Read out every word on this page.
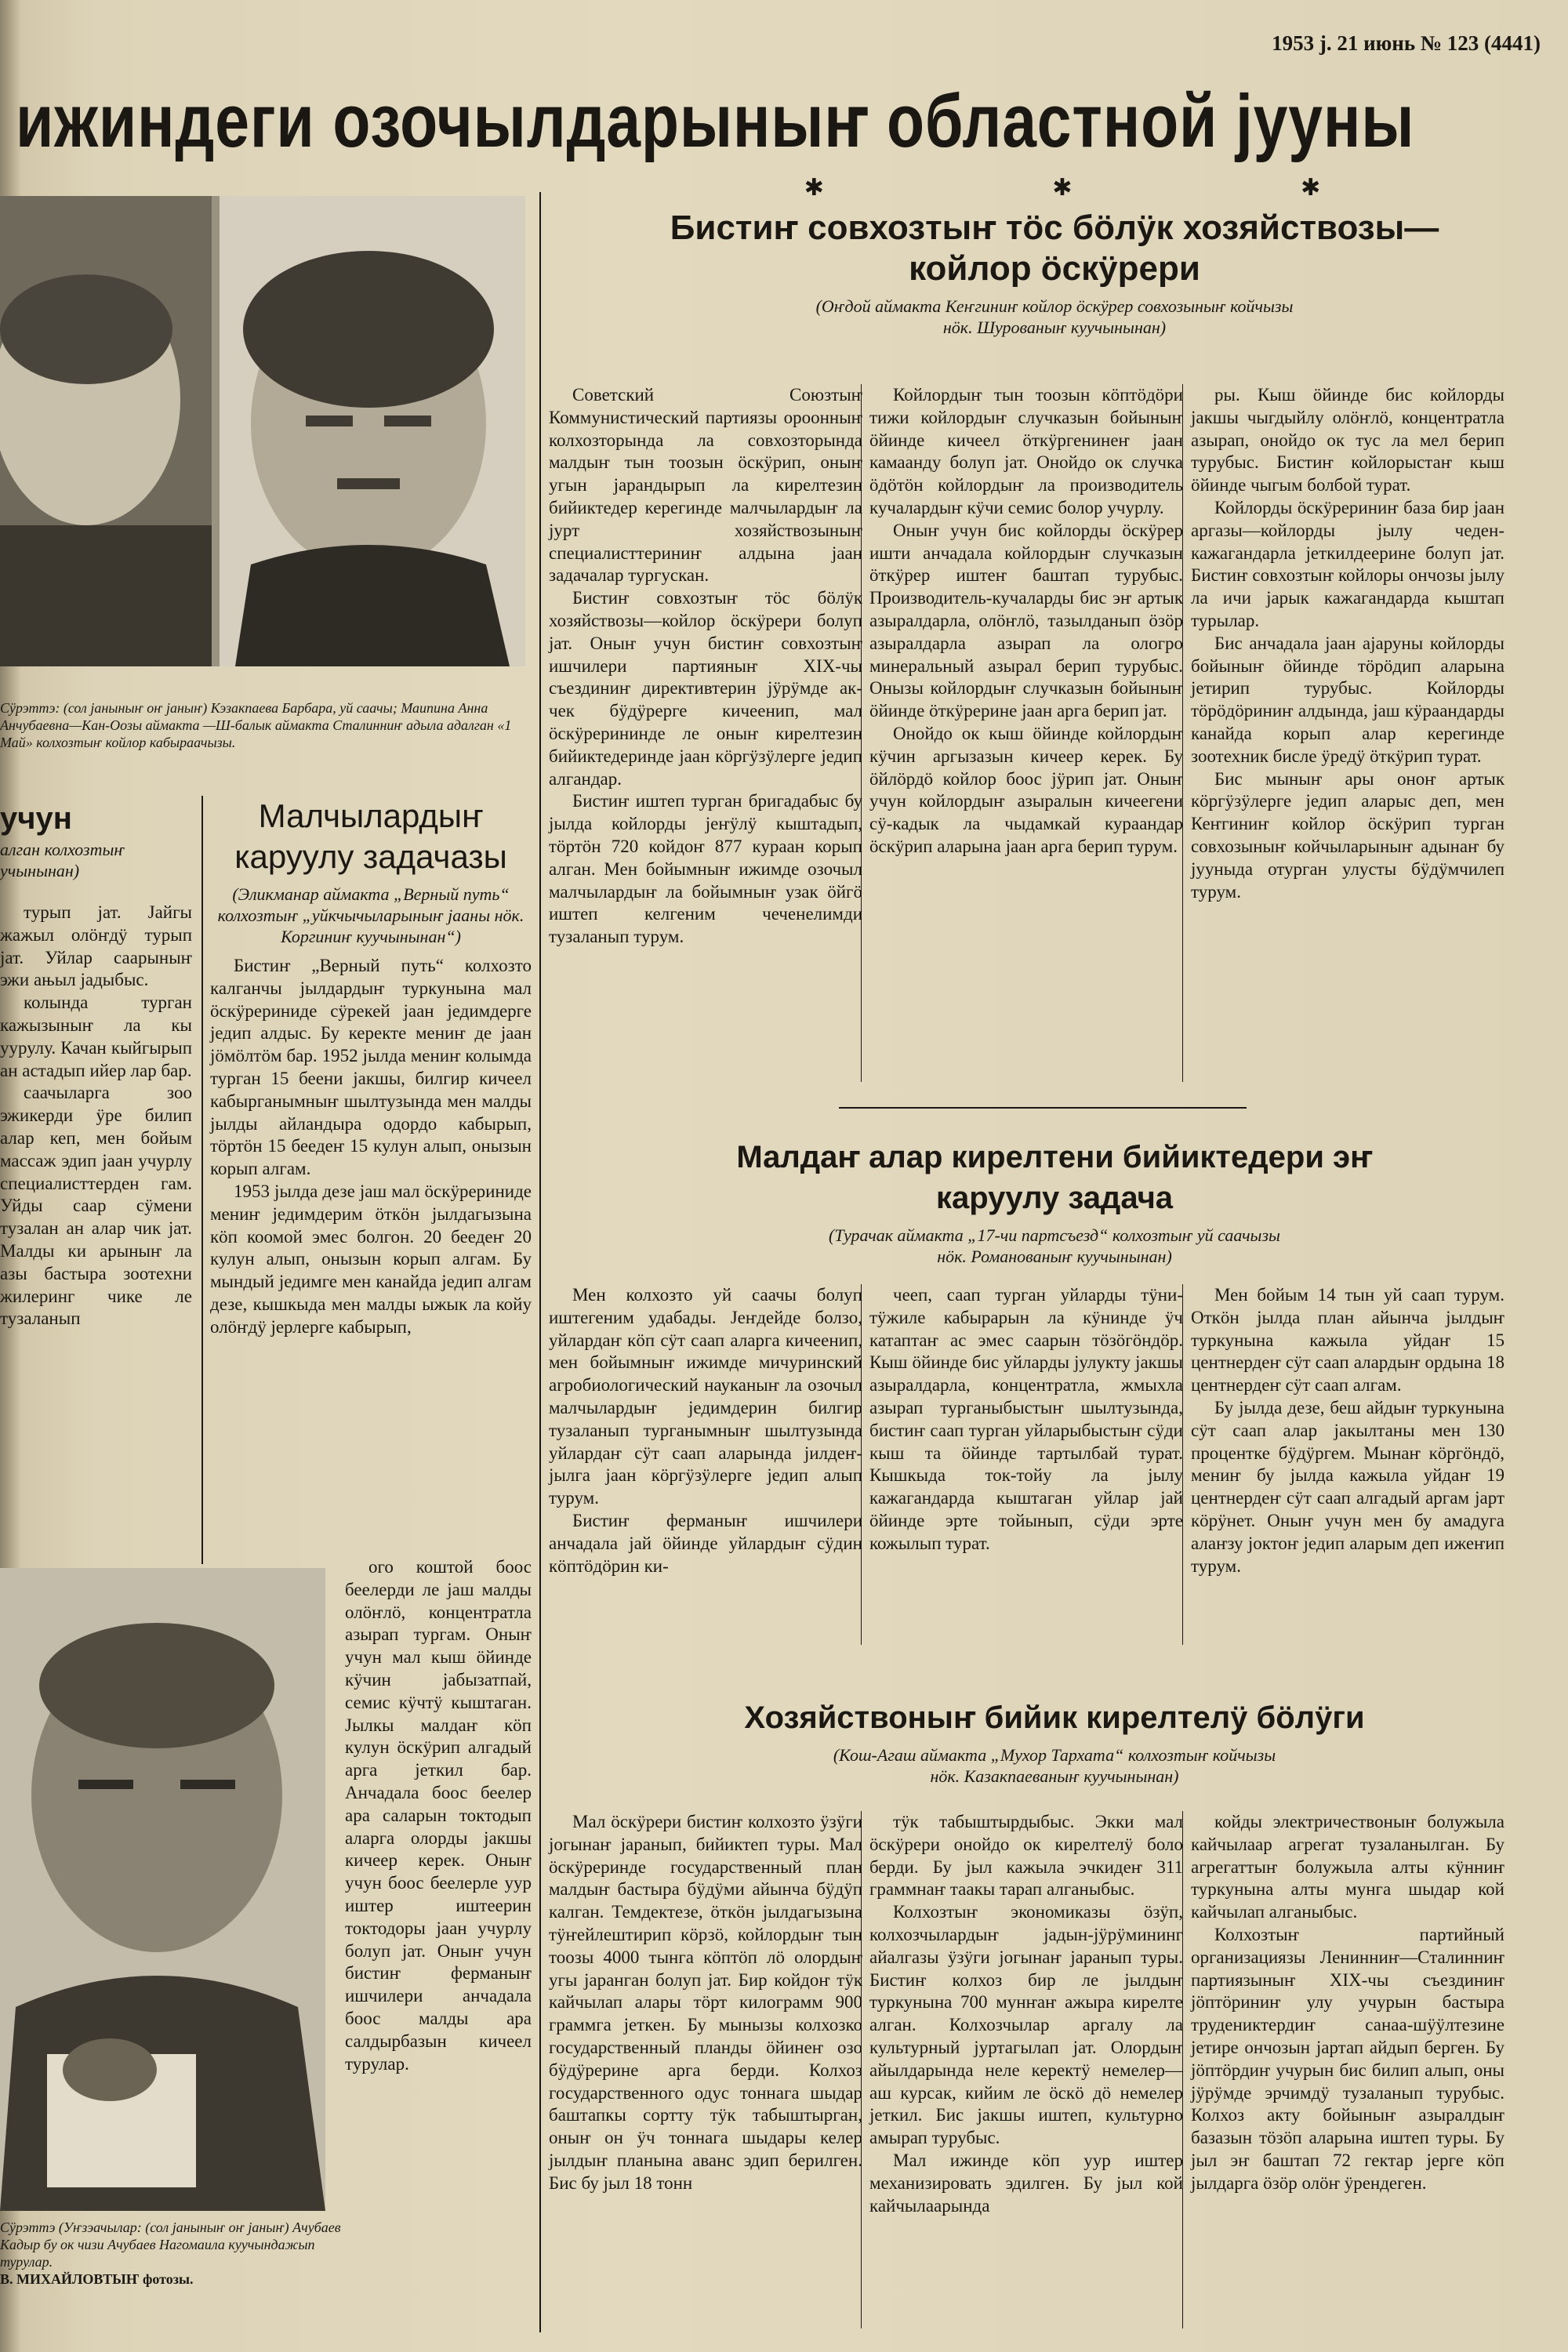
1953 ј. 21 июнь № 123 (4441)
ижиндеги озочылдарыныҥ областной јууны
✱	✱	✱
Сӱрэттэ: (сол јаныныҥ оҥ јаныҥ) Кэзакпаева Барбара, уй саачы; Маипина Анна Анчубаевна—Кан-Оозы аймакта —Ш-балык аймакта Сталинниҥ адыла адалган «1 Май» колхозтыҥ койлор кабыраачызы.
учун
алган колхозтыҥ учынынан)

турып јат. Јайгы жажыл олӧҥдӱ турып јат. Уйлар саарыныҥ эжи ањыл јадыбыс.

колында турган кажызыныҥ ла кы уурулу. Качан кыйгырып ан астадып ийер лар бар.

саачыларга зоо эжикерди ӱре билип алар кеп, мен бойым массаж эдип јаан учурлу специалисттерден гам. Уйды саар сӱмени тузалан ан алар чик јат. Малды ки арыныҥ ла азы бастыра зоотехни жилеринг чике ле тузаланып

Сӱрэттэ (Уҥзэачылар: (сол јаныныҥ оҥ јаныҥ) Ачубаев Кадыр бу ок чизи Ачубаев Нагомаила куучындажып турулар.
В. МИХАЙЛОВТЫҤ фотозы.
Малчылардыҥ каруулу задачазы
(Эликманар аймакта „Верный путь“ колхозтыҥ „уйкчычыларыныҥ јааны нӧк. Коргиниҥ куучынынан“)

Бистиҥ „Верный путь“ колхозто калганчы јылдардыҥ туркунына мал ӧскӱрериниде сӱрекей јаан једимдерге једип алдыс. Бу керекте мениҥ де јаан јӧмӧлтӧм бар. 1952 јылда мениҥ колымда турган 15 беени јакшы, билгир кичеел кабырганымныҥ шылтузында мен малды јылды айландыра одордо кабырып, тӧртӧн 15 беедеҥ 15 кулун алып, онызын корып алгам.

1953 јылда дезе јаш мал ӧскӱрериниде мениҥ једимдерим ӧткӧн јылдагызына кӧп коомой эмес болгон. 20 беедеҥ 20 кулун алып, онызын корып алгам. Бу мындый једимге мен канайда једип алгам дезе, кышкыда мен малды ыжык ла койу олӧҥдӱ јерлерге кабырып,

ого коштой боос беелерди ле јаш малды олӧҥлӧ, концентратла азырап тургам. Оныҥ учун мал кыш ӧйинде кӱчин јабызатпай, семис кӱчтӱ кыштаган. Јылкы малдаҥ кӧп кулун ӧскӱрип алгадый арга јеткил бар. Анчадала боос беелер ара саларын токтодып аларга олорды јакшы кичеер керек. Оныҥ учун боос беелерле уур иштер иштеерин токтодоры јаан учурлу болуп јат. Оныҥ учун бистиҥ ферманыҥ ишчилери анчадала боос малды ара салдырбазын кичеел турулар.

Бистиҥ совхозтыҥ тӧс бӧлӱк хозяйствозы—
койлор ӧскӱрери
(Оҥдой аймакта Кеҥгиниҥ койлор ӧскӱрер совхозыныҥ койчызы
нӧк. Шурованыҥ куучынынан)

Советский Союзтыҥ Коммунистический партиязы ороонныҥ колхозторында ла совхозторында малдыҥ тын тоозын ӧскӱрип, оныҥ угын јарандырып ла кирелтезин бийиктедер керегинде малчылардыҥ ла јурт хозяйствозыныҥ специалисттериниҥ алдына јаан задачалар тургускан.

Бистиҥ совхозтыҥ тӧс бӧлӱк хозяйствозы—койлор ӧскӱрери болуп јат. Оныҥ учун бистиҥ совхозтыҥ ишчилери партияныҥ XIX-чы съездиниҥ директивтерин јӱрӱмде ак-чек бӱдӱрерге кичеенип, мал ӧскӱрерининде ле оныҥ кирелтезин бийиктедеринде јаан кӧргӱзӱлерге једип алгандар.

Бистиҥ иштеп турган бригадабыс бу јылда койлорды јеҥӱлӱ кыштадып, тӧртӧн 720 койдоҥ 877 кураан корып алган. Мен бойымныҥ ижимде озочыл малчылардыҥ ла бойымныҥ узак ӧйгӧ иштеп келгеним чеченелимди тузаланып турум.

Койлордыҥ тын тоозын кӧптӧдӧри тижи койлордыҥ случказын бойыныҥ ӧйинде кичеел ӧткӱргенинеҥ јаан камаанду болуп јат. Онойдо ок случка ӧдӧтӧн койлордыҥ ла производитель кучалардыҥ кӱчи семис болор учурлу.

Оныҥ учун бис койлорды ӧскӱрер ишти анчадала койлордыҥ случказын ӧткӱрер иштеҥ баштап турубыс. Производитель-кучаларды бис эҥ артык азыралдарла, олӧҥлӧ, тазылданып ӧзӧр азыралдарла азырап ла ологро минеральный азырал берип турубыс. Онызы койлордыҥ случказын бойыныҥ ӧйинде ӧткӱрерине јаан арга берип јат.

Онойдо ок кыш ӧйинде койлордыҥ кӱчин аргызазын кичеер керек. Бу ӧйлӧрдӧ койлор боос јӱрип јат. Оныҥ учун койлордыҥ азыралын кичеегени сӱ-кадык ла чыдамкай кураандар ӧскӱрип аларына јаан арга берип турум.

ры. Кыш ӧйинде бис койлорды јакшы чыгдыйлу олӧҥлӧ, концентратла азырап, онойдо ок тус ла мел берип турубыс. Бистиҥ койлорыстаҥ кыш ӧйинде чыгым болбой турат.

Койлорды ӧскӱрериниҥ база бир јаан аргазы—койлорды јылу чеден-кажагандарла јеткилдеерине болуп јат. Бистиҥ совхозтыҥ койлоры ончозы јылу ла ичи јарык кажагандарда кыштап турылар.

Бис анчадала јаан ајаруны койлорды бойыныҥ ӧйинде тӧрӧдип аларына јетирип турубыс. Койлорды тӧрӧдӧриниҥ алдында, јаш кӱраандарды канайда корып алар керегинде зоотехник бисле ӱредӱ ӧткӱрип турат.

Бис мыныҥ ары оноҥ артык кӧргӱзӱлерге једип аларыс деп, мен Кеҥгиниҥ койлор ӧскӱрип турган совхозыныҥ койчыларыныҥ адынаҥ бу јууныда отурган улусты бӱдӱмчилеп турум.

Малдаҥ алар кирелтени бийиктедери эҥ
каруулу задача
(Турачак аймакта „17-чи партсъезд“ колхозтыҥ уй саачызы
нӧк. Романованыҥ куучынынан)

Мен колхозто уй саачы болуп иштегеним удабады. Јеҥдейде болзо, уйлардаҥ кӧп сӱт саап аларга кичеенип, мен бойымныҥ ижимде мичуринский агробиологический науканыҥ ла озочыл малчылардыҥ једимдерин билгир тузаланып турганымныҥ шылтузында уйлардаҥ сӱт саап аларында јилдеҥ-јылга јаан кӧргӱзӱлерге једип алып турум.

Бистиҥ ферманыҥ ишчилери анчадала јай ӧйинде уйлардыҥ сӱдин кӧптӧдӧрин ки-

чееп, саап турган уйларды тӱни-тӱжиле кабырарын ла кӱнинде ӱч катаптаҥ ас эмес саарын тӧзӧгӧндӧр. Кыш ӧйинде бис уйларды јулукту јакшы азыралдарла, концентратла, жмыхла азырап турганыбыстыҥ шылтузында, бистиҥ саап турган уйларыбыстыҥ сӱди кыш та ӧйинде тартылбай турат. Кышкыда ток-тойу ла јылу кажагандарда кыштаган уйлар јай ӧйинде эрте тойынып, сӱди эрте кожылып турат.

Мен бойым 14 тын уй саап турум. Откӧн јылда план айынча јылдыҥ туркунына кажыла уйдаҥ 15 центнердеҥ сӱт саап алардыҥ ордына 18 центнердеҥ сӱт саап алгам.

Бу јылда дезе, беш айдыҥ туркунына сӱт саап алар јакылтаны мен 130 процентке бӱдӱргем. Мынаҥ кӧргӧндӧ, мениҥ бу јылда кажыла уйдаҥ 19 центнердеҥ сӱт саап алгадый аргам јарт кӧрӱнет. Оныҥ учун мен бу амадуга алаҥзу јоктоҥ једип аларым деп ижеҥип турум.

Хозяйствоныҥ бийик кирелтелӱ бӧлӱги
(Кош-Агаш аймакта „Мухор Тархата“ колхозтыҥ койчызы
нӧк. Казакпаеваныҥ куучынынан)

Мал ӧскӱрери бистиҥ колхозто ӱзӱги јогынаҥ јаранып, бийиктеп туры. Мал ӧскӱреринде государственный план малдыҥ бастыра бӱдӱми айынча бӱдӱп калган. Темдектезе, ӧткӧн јылдагызына тӱҥейлештирип кӧрзӧ, койлордыҥ тын тоозы 4000 тынга кӧптӧп лӧ олордыҥ угы јаранган болуп јат. Бир койдоҥ тӱк кайчылап алары тӧрт килограмм 900 граммга јеткен. Бу мынызы колхозко государственный планды ӧйинеҥ озо бӱдӱрерине арга берди. Колхоз государственного одус тоннага шыдар баштапкы сортту тӱк табыштырган, оныҥ он ӱч тоннага шыдары келер јылдыҥ планына аванс эдип берилген. Бис бу јыл 18 тонн

тӱк табыштырдыбыс. Экки мал ӧскӱрери онойдо ок кирелтелӱ боло берди. Бу јыл кажыла эчкидеҥ 311 граммнаҥ таакы тарап алганыбыс.

Колхозтыҥ экономиказы ӧзӱп, колхозчылардыҥ јадын-јӱрӱмининг айалгазы ӱзӱги јогынаҥ јаранып туры. Бистиҥ колхоз бир ле јылдыҥ туркунына 700 мунҥаҥ ажыра кирелте алган. Колхозчылар аргалу ла культурный јуртагылап јат. Олордыҥ айылдарында неле керектӱ немелер—аш курсак, кийим ле ӧскӧ дӧ немелер јеткил. Бис јакшы иштеп, культурно амырап турубыс.

Мал ижинде кӧп уур иштер механизировать эдилген. Бу јыл кой кайчылаарында

койды электричествоныҥ болужыла кайчылаар агрегат тузаланылган. Бу агрегаттыҥ болужыла алты кӱнниҥ туркунына алты мунга шыдар кой кайчылап алганыбыс.

Колхозтыҥ партийный организациязы Ленинниҥ—Сталинниҥ партиязыныҥ XIX-чы съездиниҥ јӧптӧриниҥ улу учурын бастыра трудениктердиҥ санаа-шӱӱлтезине јетире ончозын јартап айдып берген. Бу јӧптӧрдиҥ учурын бис билип алып, оны јӱрӱмде эрчимдӱ тузаланып турубыс. Колхоз акту бойыныҥ азыралдыҥ базазын тӧзӧп аларына иштеп туры. Бу јыл эҥ баштап 72 гектар јерге кӧп јылдарга ӧзӧр олӧҥ ӱрендеген.
